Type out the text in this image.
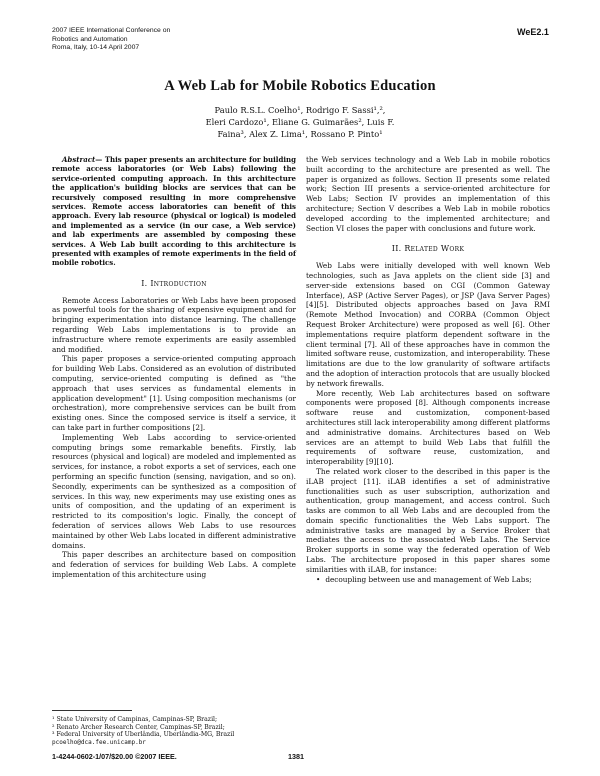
2007 IEEE International Conference on
Robotics and Automation
Roma, Italy, 10-14 April 2007
WeE2.1
A Web Lab for Mobile Robotics Education
Paulo R.S.L. Coelho¹, Rodrigo F. Sassi¹,²,
Eleri Cardozo¹, Eliane G. Guimarães², Luis F.
Faina³, Alex Z. Lima¹, Rossano P. Pinto¹

Abstract— This paper presents an architecture for building remote access laboratories (or Web Labs) following the service-oriented computing approach. In this architecture the application's building blocks are services that can be recursively composed resulting in more comprehensive services. Remote access laboratories can benefit of this approach. Every lab resource (physical or logical) is modeled and implemented as a service (in our case, a Web service) and lab experiments are assembled by composing these services. A Web Lab built according to this architecture is presented with examples of remote experiments in the field of mobile robotics.

I. Introduction

Remote Access Laboratories or Web Labs have been proposed as powerful tools for the sharing of expensive equipment and for bringing experimentation into distance learning. The challenge regarding Web Labs implementations is to provide an infrastructure where remote experiments are easily assembled and modified.

This paper proposes a service-oriented computing approach for building Web Labs. Considered as an evolution of distributed computing, service-oriented computing is defined as "the approach that uses services as fundamental elements in application development" [1]. Using composition mechanisms (or orchestration), more comprehensive services can be built from existing ones. Since the composed service is itself a service, it can take part in further compositions [2].

Implementing Web Labs according to service-oriented computing brings some remarkable benefits. Firstly, lab resources (physical and logical) are modeled and implemented as services, for instance, a robot exports a set of services, each one performing an specific function (sensing, navigation, and so on). Secondly, experiments can be synthesized as a composition of services. In this way, new experiments may use existing ones as units of composition, and the updating of an experiment is restricted to its composition's logic. Finally, the concept of federation of services allows Web Labs to use resources maintained by other Web Labs located in different administrative domains.

This paper describes an architecture based on composition and federation of services for building Web Labs. A complete implementation of this architecture using

the Web services technology and a Web Lab in mobile robotics built according to the architecture are presented as well. The paper is organized as follows. Section II presents some related work; Section III presents a service-oriented architecture for Web Labs; Section IV provides an implementation of this architecture; Section V describes a Web Lab in mobile robotics developed according to the implemented architecture; and Section VI closes the paper with conclusions and future work.

II. Related Work

Web Labs were initially developed with well known Web technologies, such as Java applets on the client side [3] and server-side extensions based on CGI (Common Gateway Interface), ASP (Active Server Pages), or JSP (Java Server Pages) [4][5]. Distributed objects approaches based on Java RMI (Remote Method Invocation) and CORBA (Common Object Request Broker Architecture) were proposed as well [6]. Other implementations require platform dependent software in the client terminal [7]. All of these approaches have in common the limited software reuse, customization, and interoperability. These limitations are due to the low granularity of software artifacts and the adoption of interaction protocols that are usually blocked by network firewalls.

More recently, Web Lab architectures based on software components were proposed [8]. Although components increase software reuse and customization, component-based architectures still lack interoperability among different platforms and administrative domains. Architectures based on Web services are an attempt to build Web Labs that fulfill the requirements of software reuse, customization, and interoperability [9][10].

The related work closer to the described in this paper is the iLAB project [11]. iLAB identifies a set of administrative functionalities such as user subscription, authorization and authentication, group management, and access control. Such tasks are common to all Web Labs and are decoupled from the domain specific functionalities the Web Labs support. The administrative tasks are managed by a Service Broker that mediates the access to the associated Web Labs. The Service Broker supports in some way the federated operation of Web Labs. The architecture proposed in this paper shares some similarities with iLAB, for instance:

• decoupling between use and management of Web Labs;
¹ State University of Campinas, Campinas-SP, Brazil;
² Renato Archer Research Center, Campinas-SP, Brazil;
³ Federal University of Uberlândia, Uberlândia-MG, Brazil
pcoelho@dca.fee.unicamp.br
1-4244-0602-1/07/$20.00 ©2007 IEEE.	1381
